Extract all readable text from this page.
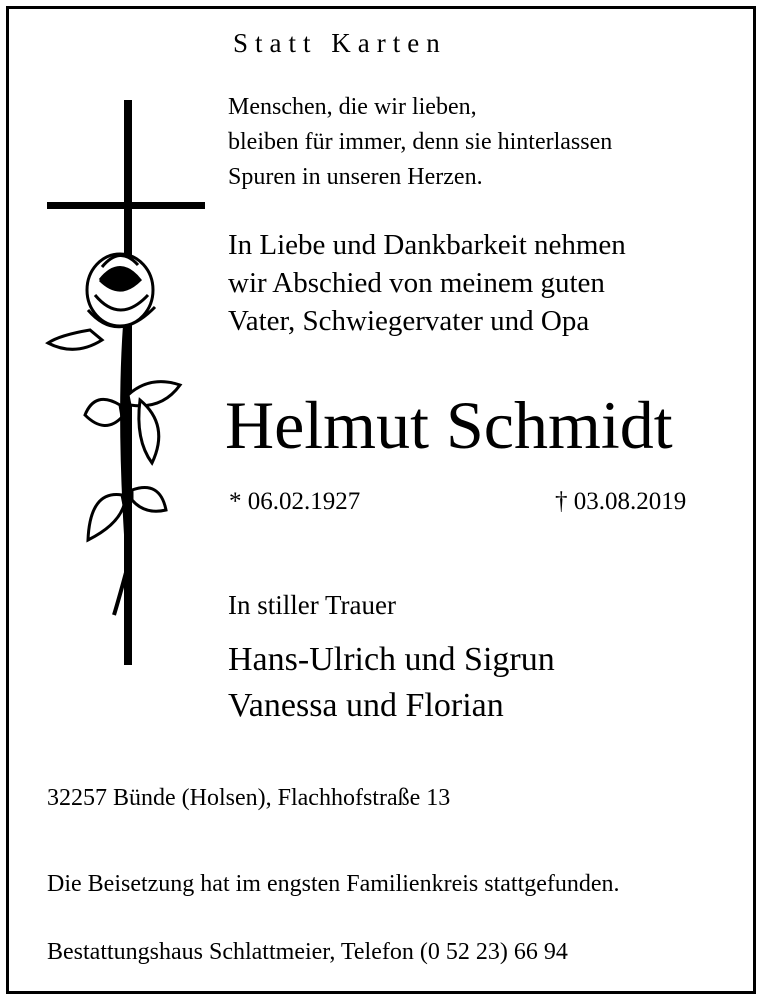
Statt Karten
Menschen, die wir lieben,
bleiben für immer, denn sie hinterlassen
Spuren in unseren Herzen.
In Liebe und Dankbarkeit nehmen
wir Abschied von meinem guten
Vater, Schwiegervater und Opa
Helmut Schmidt
* 06.02.1927	† 03.08.2019
In stiller Trauer
Hans-Ulrich und Sigrun
Vanessa und Florian
32257 Bünde (Holsen), Flachhofstraße 13
Die Beisetzung hat im engsten Familienkreis stattgefunden.
Bestattungshaus Schlattmeier, Telefon (0 52 23) 66 94
